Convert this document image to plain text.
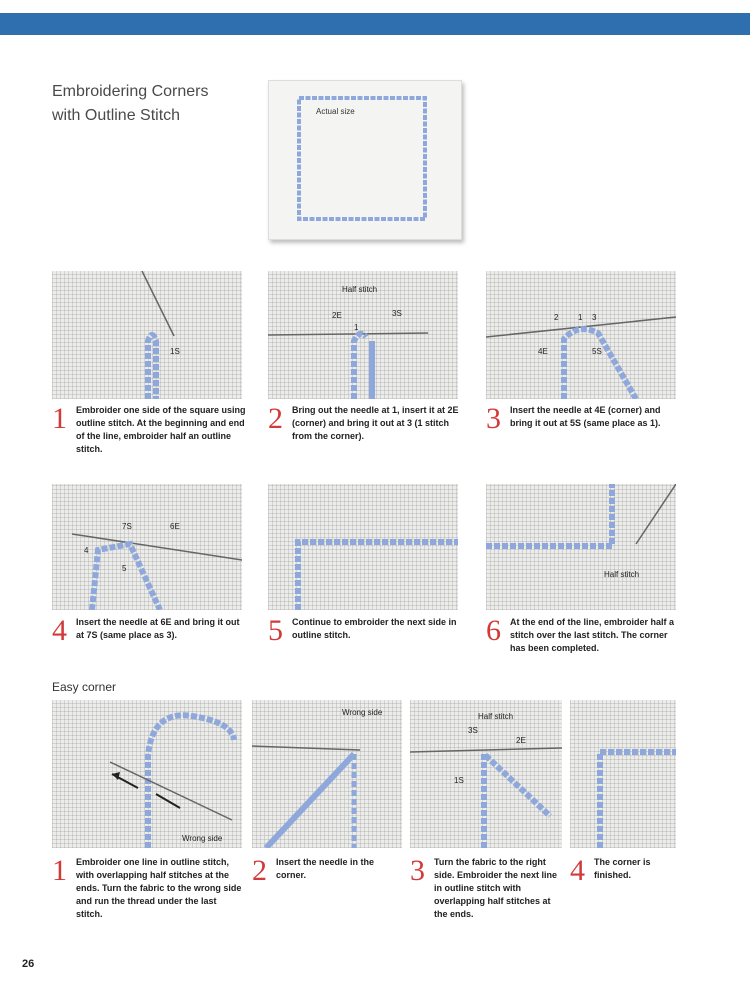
Embroidering Corners
with Outline Stitch	Actual size
1S
Half stitch
2E	3S
1
2 1 3
4E	5S
1 Embroider one side of the square using outline stitch. At the beginning and end of the line, embroider half an outline stitch.
2 Bring out the needle at 1, insert it at 2E (corner) and bring it out at 3 (1 stitch from the corner).
3 Insert the needle at 4E (corner) and bring it out at 5S (same place as 1).
7S	6E
4
5
Half stitch
4 Insert the needle at 6E and bring it out at 7S (same place as 3).	5 Continue to embroider the next side in outline stitch.	6 At the end of the line, embroider half a stitch over the last stitch. The corner has been completed.
Easy corner
Wrong side
Wrong side	Half stitch
3S
2E
1S
1 Embroider one line in outline stitch, with overlapping half stitches at the ends. Turn the fabric to the wrong side and run the thread under the last stitch.
2 Insert the needle in the corner.	3 Turn the fabric to the right side. Embroider the next line in outline stitch with overlapping half stitches at the ends.
4 The corner is finished.
26
